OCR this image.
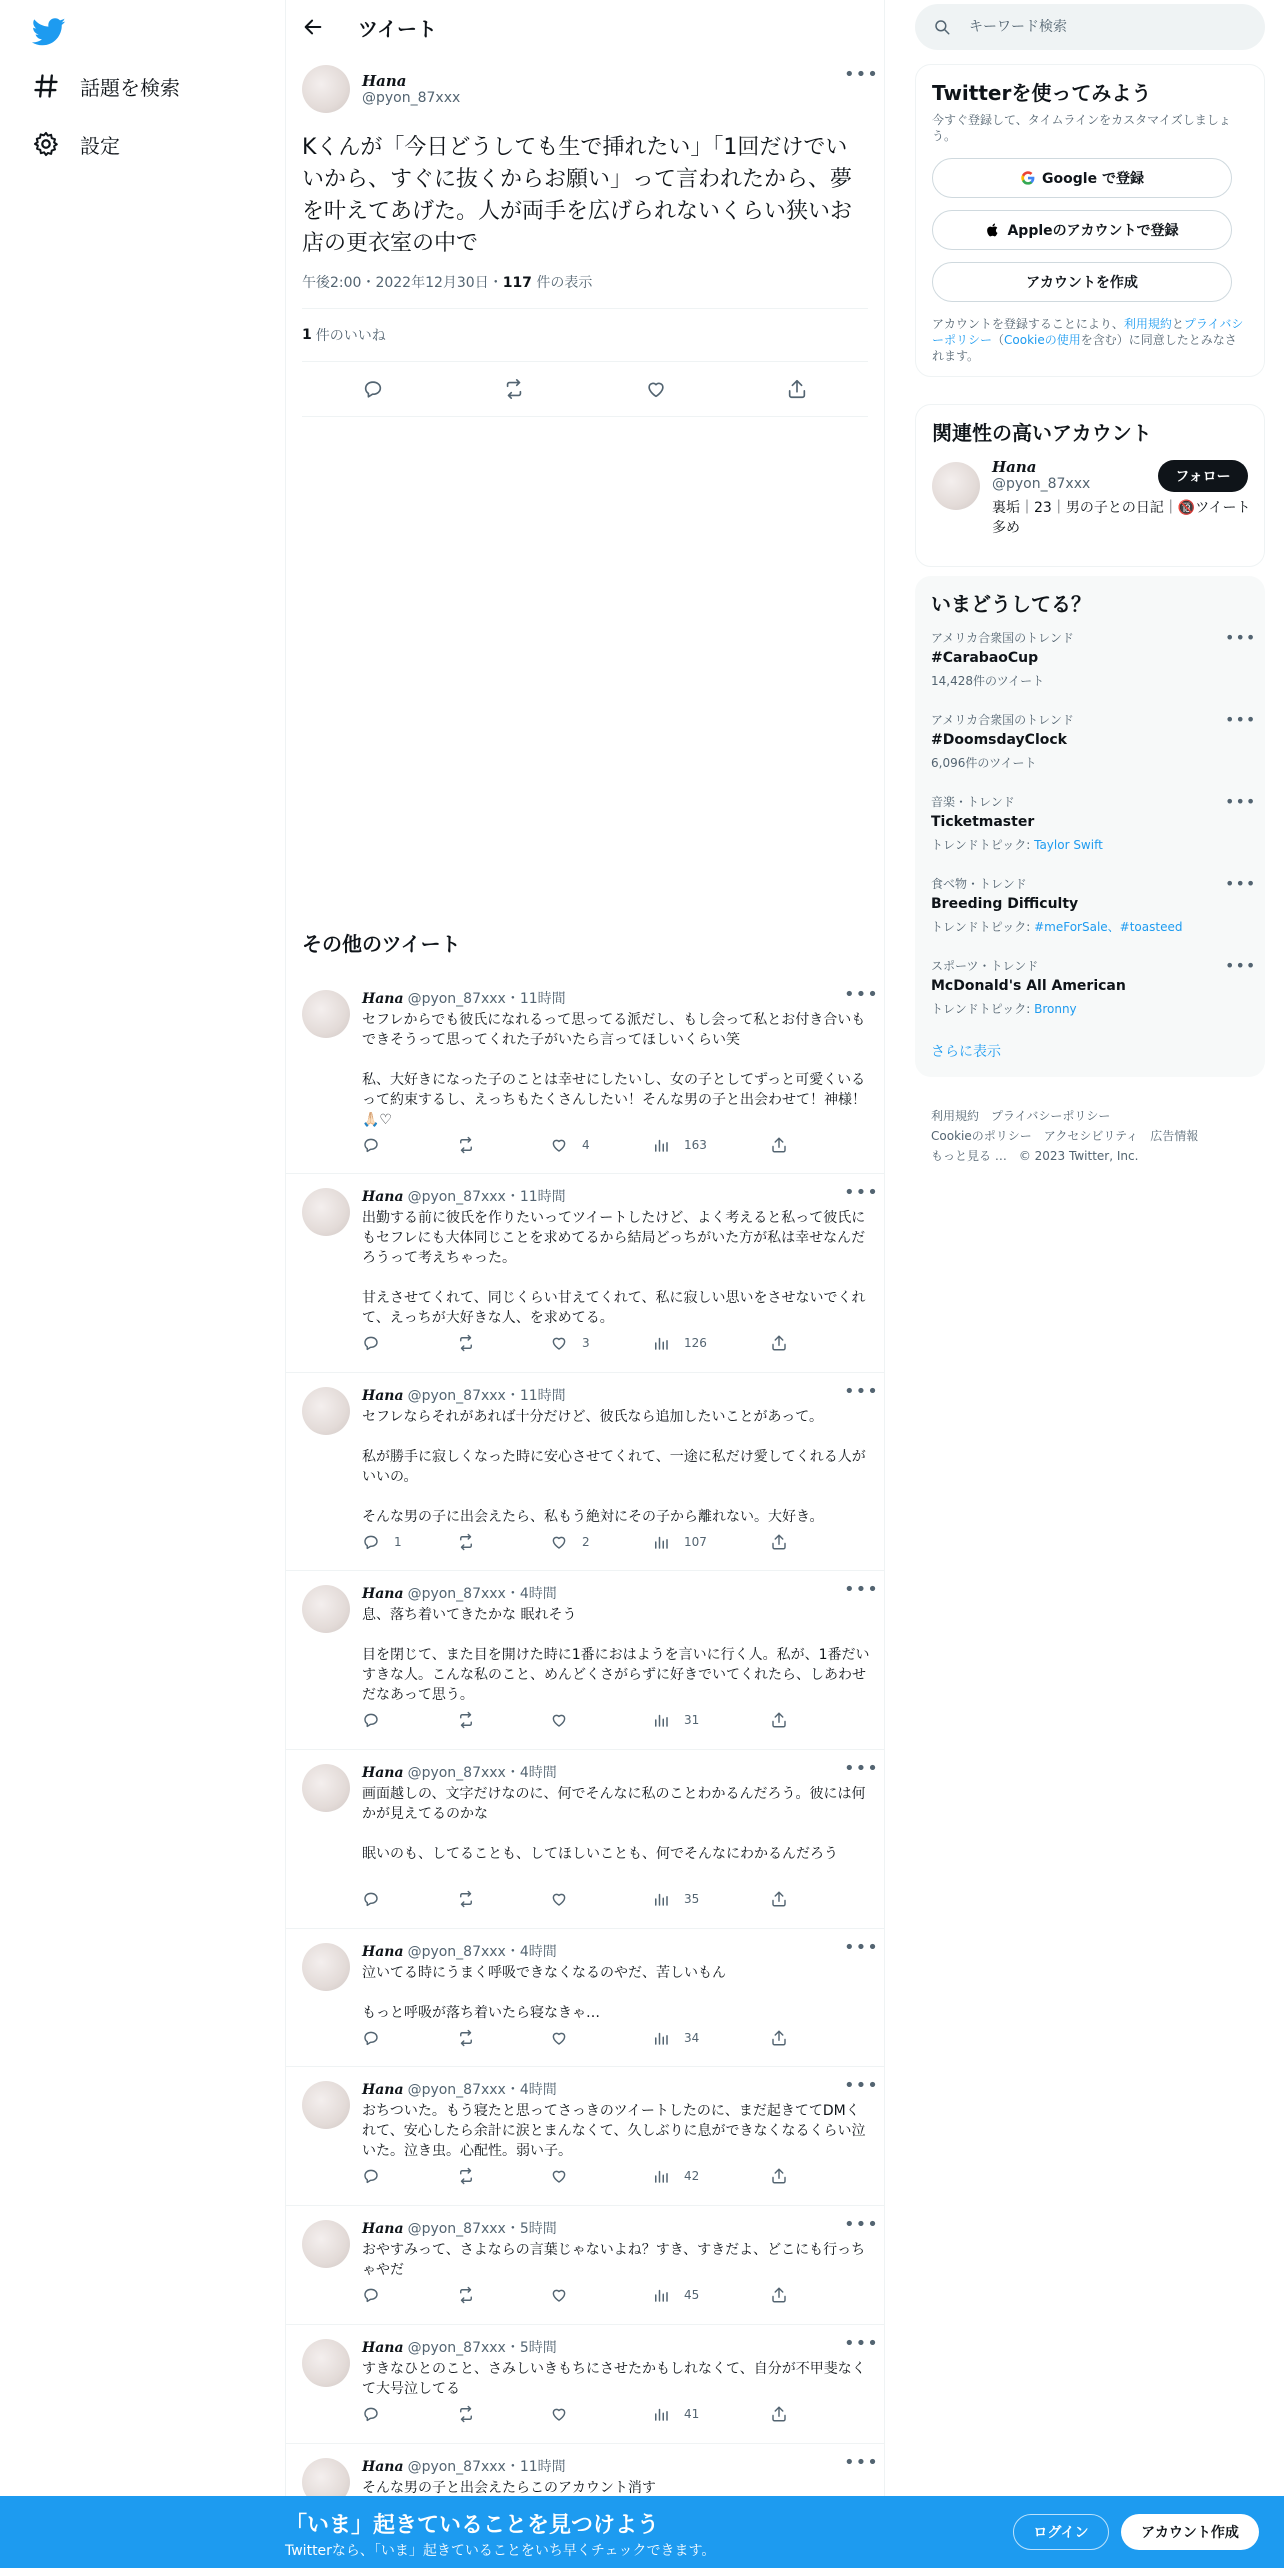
話題を検索
設定
ツイート
Hana
@pyon_87xxx
•••
Kくんが「今日どうしても生で挿れたい」「1回だけでいいから、すぐに抜くからお願い」って言われたから、夢を叶えてあげた。人が両手を広げられないくらい狭いお店の更衣室の中で
午後2:00・2022年12月30日・117 件の表示
1 件のいいね
その他のツイート
Hana @pyon_87xxx・11時間	•••
セフレからでも彼氏になれるって思ってる派だし、もし会って私とお付き合いもできそうって思ってくれた子がいたら言ってほしいくらい笑

私、大好きになった子のことは幸せにしたいし、女の子としてずっと可愛くいるって約束するし、えっちもたくさんしたい！そんな男の子と出会わせて！神様！🙏🏻♡
4	163
Hana @pyon_87xxx・11時間	•••
出勤する前に彼氏を作りたいってツイートしたけど、よく考えると私って彼氏にもセフレにも大体同じことを求めてるから結局どっちがいた方が私は幸せなんだろうって考えちゃった。

甘えさせてくれて、同じくらい甘えてくれて、私に寂しい思いをさせないでくれて、えっちが大好きな人、を求めてる。
3	126
Hana @pyon_87xxx・11時間	•••
セフレならそれがあれば十分だけど、彼氏なら追加したいことがあって。

私が勝手に寂しくなった時に安心させてくれて、一途に私だけ愛してくれる人がいいの。

そんな男の子に出会えたら、私もう絶対にその子から離れない。大好き。
1	2	107
Hana @pyon_87xxx・4時間	•••
息、落ち着いてきたかな 眠れそう

目を閉じて、また目を開けた時に1番におはようを言いに行く人。私が、1番だいすきな人。こんな私のこと、めんどくさがらずに好きでいてくれたら、しあわせだなあって思う。
31
Hana @pyon_87xxx・4時間	•••
画面越しの、文字だけなのに、何でそんなに私のことわかるんだろう。彼には何かが見えてるのかな

眠いのも、してることも、してほしいことも、何でそんなにわかるんだろう
35
Hana @pyon_87xxx・4時間	•••
泣いてる時にうまく呼吸できなくなるのやだ、苦しいもん

もっと呼吸が落ち着いたら寝なきゃ…
34
Hana @pyon_87xxx・4時間	•••
おちついた。もう寝たと思ってさっきのツイートしたのに、まだ起きててDMくれて、安心したら余計に涙とまんなくて、久しぶりに息ができなくなるくらい泣いた。泣き虫。心配性。弱い子。
42
Hana @pyon_87xxx・5時間	•••
おやすみって、さよならの言葉じゃないよね？すき、すきだよ、どこにも行っちゃやだ
45
Hana @pyon_87xxx・5時間	•••
すきなひとのこと、さみしいきもちにさせたかもしれなくて、自分が不甲斐なくて大号泣してる
41
Hana @pyon_87xxx・11時間	•••
そんな男の子と出会えたらこのアカウント消す
キーワード検索
Twitterを使ってみよう
今すぐ登録して、タイムラインをカスタマイズしましょう。
Google で登録
Appleのアカウントで登録
アカウントを作成
アカウントを登録することにより、利用規約とプライバシーポリシー（Cookieの使用を含む）に同意したとみなされます。
関連性の高いアカウント
Hana
@pyon_87xxx
裏垢｜23｜男の子との日記｜🔞ツイート多め
フォロー
いまどうしてる？
アメリカ合衆国のトレンド
#CarabaoCup
14,428件のツイート
•••
アメリカ合衆国のトレンド
#DoomsdayClock
6,096件のツイート
•••
音楽・トレンド
Ticketmaster
トレンドトピック: Taylor Swift
•••
食べ物・トレンド
Breeding Difficulty
トレンドトピック: #meForSale、#toasteed
•••
スポーツ・トレンド
McDonald's All American
トレンドトピック: Bronny
•••
さらに表示
利用規約 プライバシーポリシー
Cookieのポリシー アクセシビリティ 広告情報
もっと見る … © 2023 Twitter, Inc.
「いま」起きていることを見つけよう
Twitterなら、「いま」起きていることをいち早くチェックできます。
ログイン	アカウント作成
